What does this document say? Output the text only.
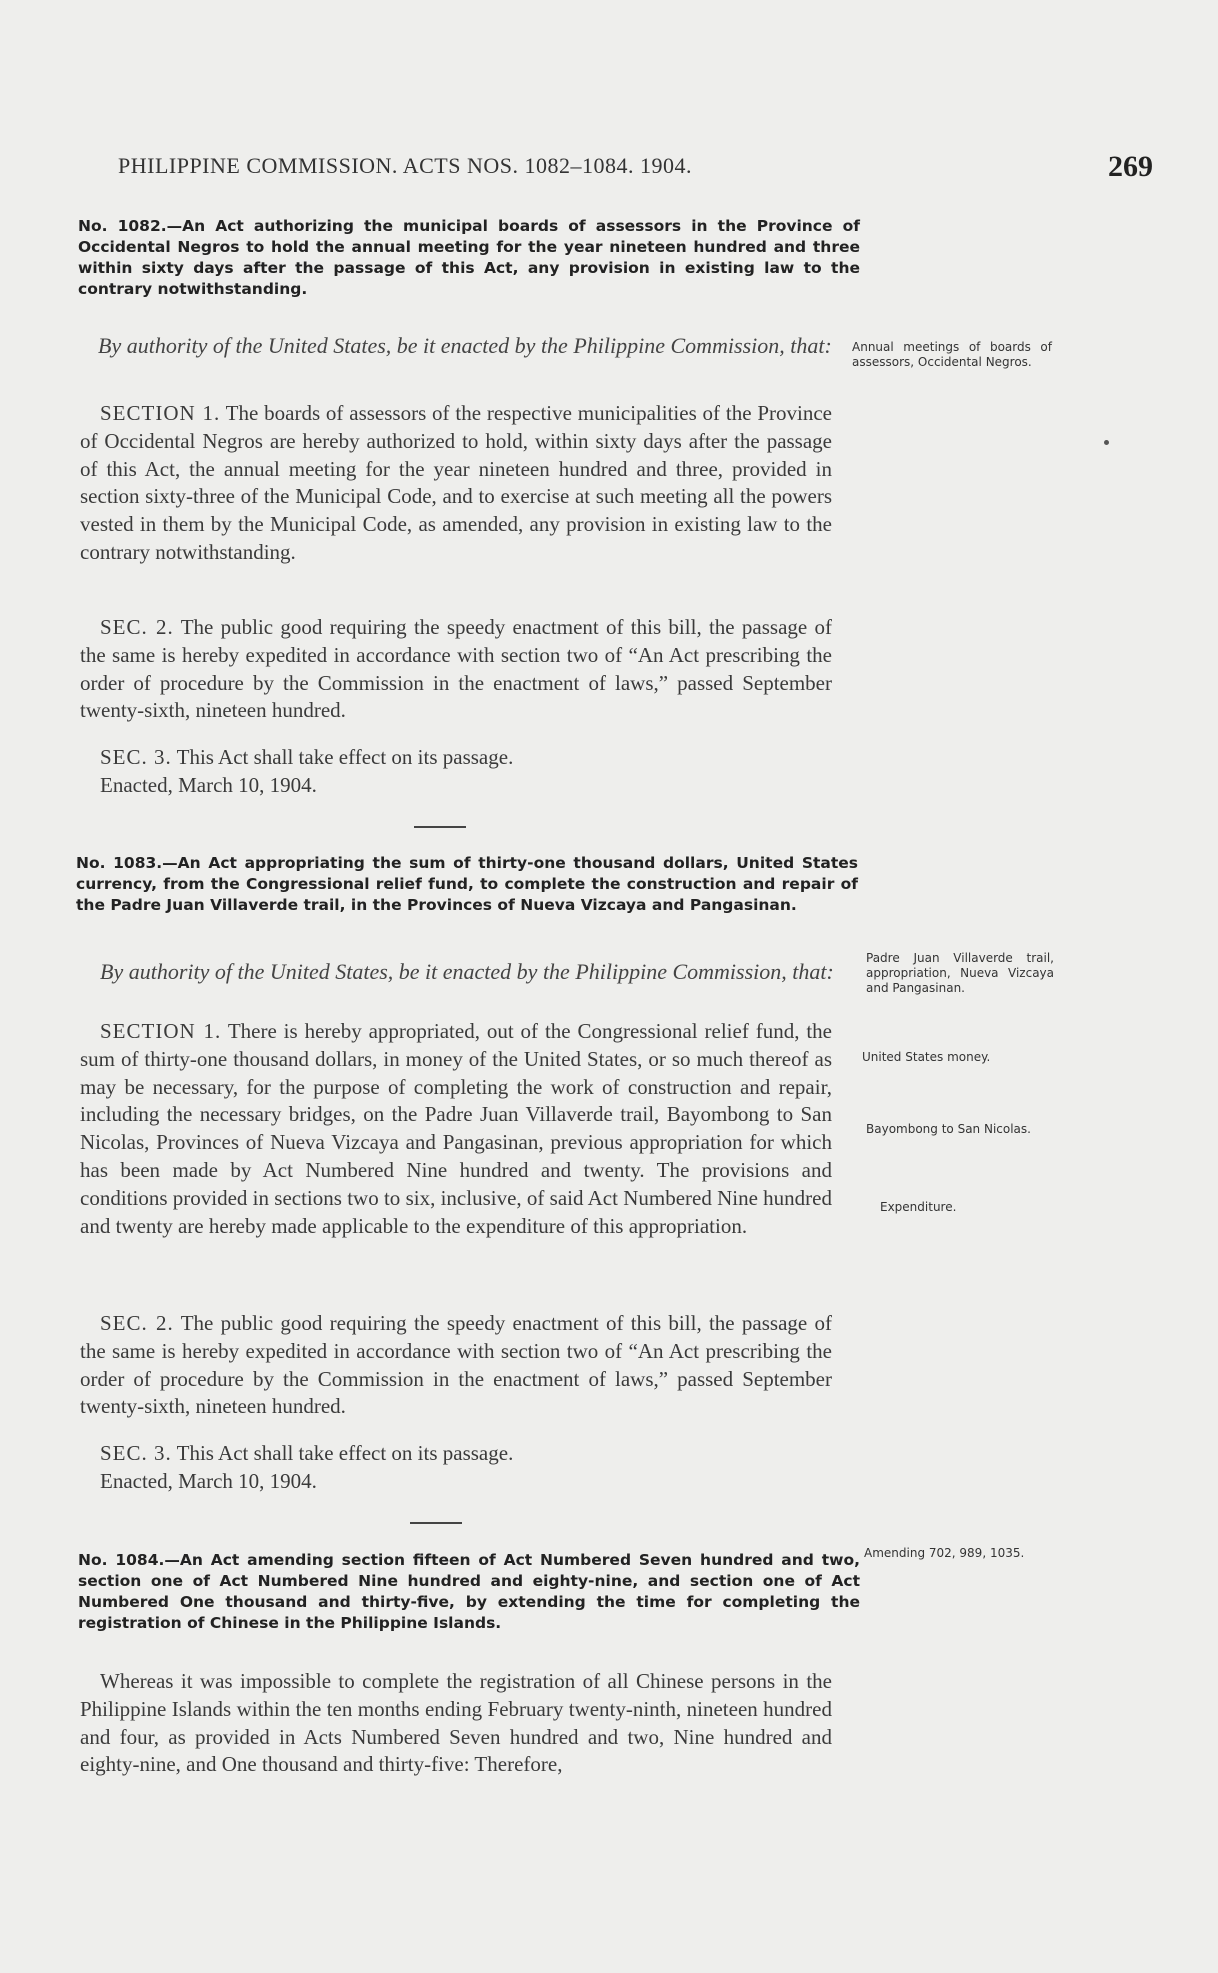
PHILIPPINE COMMISSION. ACTS NOS. 1082–1084. 1904.	269

No. 1082.—An Act authorizing the municipal boards of assessors in the Province of Occidental Negros to hold the annual meeting for the year nineteen hundred and three within sixty days after the passage of this Act, any provision in existing law to the contrary notwithstanding.

By authority of the United States, be it enacted by the Philippine Commission, that:

SECTION 1. The boards of assessors of the respective municipalities of the Province of Occidental Negros are hereby authorized to hold, within sixty days after the passage of this Act, the annual meeting for the year nineteen hundred and three, provided in section sixty-three of the Municipal Code, and to exercise at such meeting all the powers vested in them by the Municipal Code, as amended, any provision in existing law to the contrary notwithstanding.

SEC. 2. The public good requiring the speedy enactment of this bill, the passage of the same is hereby expedited in accordance with section two of “An Act prescribing the order of procedure by the Commission in the enactment of laws,” passed September twenty-sixth, nineteen hundred.

SEC. 3. This Act shall take effect on its passage.

Enacted, March 10, 1904.

Annual meetings of boards of assessors, Occidental Negros.

No. 1083.—An Act appropriating the sum of thirty-one thousand dollars, United States currency, from the Congressional relief fund, to complete the construction and repair of the Padre Juan Villaverde trail, in the Provinces of Nueva Vizcaya and Pangasinan.

By authority of the United States, be it enacted by the Philippine Commission, that:

SECTION 1. There is hereby appropriated, out of the Congressional relief fund, the sum of thirty-one thousand dollars, in money of the United States, or so much thereof as may be necessary, for the purpose of completing the work of construction and repair, including the necessary bridges, on the Padre Juan Villaverde trail, Bayombong to San Nicolas, Provinces of Nueva Vizcaya and Pangasinan, previous appropriation for which has been made by Act Numbered Nine hundred and twenty. The provisions and conditions provided in sections two to six, inclusive, of said Act Numbered Nine hundred and twenty are hereby made applicable to the expenditure of this appropriation.

SEC. 2. The public good requiring the speedy enactment of this bill, the passage of the same is hereby expedited in accordance with section two of “An Act prescribing the order of procedure by the Commission in the enactment of laws,” passed September twenty-sixth, nineteen hundred.

SEC. 3. This Act shall take effect on its passage.

Enacted, March 10, 1904.

Padre Juan Villaverde trail, appropriation, Nueva Vizcaya and Pangasinan.

United States money.

Bayombong to San Nicolas.

Expenditure.

No. 1084.—An Act amending section fifteen of Act Numbered Seven hundred and two, section one of Act Numbered Nine hundred and eighty-nine, and section one of Act Numbered One thousand and thirty-five, by extending the time for completing the registration of Chinese in the Philippine Islands.

Whereas it was impossible to complete the registration of all Chinese persons in the Philippine Islands within the ten months ending February twenty-ninth, nineteen hundred and four, as provided in Acts Numbered Seven hundred and two, Nine hundred and eighty-nine, and One thousand and thirty-five: Therefore,

Amending 702, 989, 1035.
